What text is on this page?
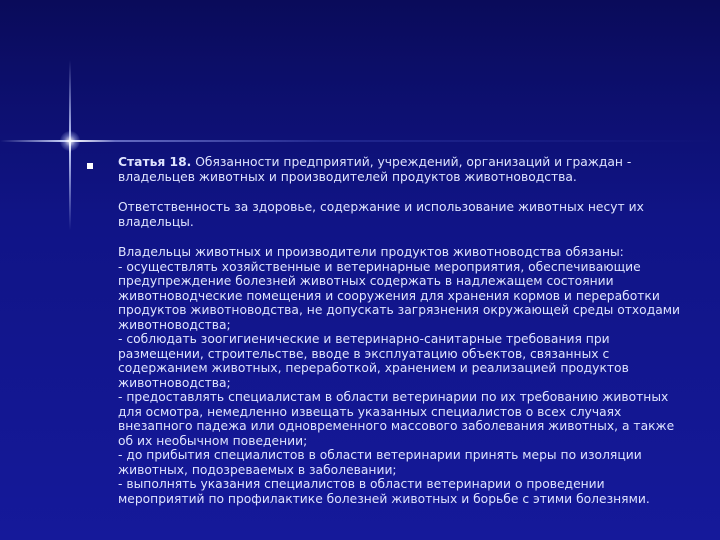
Статья 18. Обязанности предприятий, учреждений, организаций и граждан - владельцев животных и производителей продуктов животноводства.

Ответственность за здоровье, содержание и использование животных несут их владельцы.

Владельцы животных и производители продуктов животноводства обязаны:

- осуществлять хозяйственные и ветеринарные мероприятия, обеспечивающие предупреждение болезней животных содержать в надлежащем состоянии животноводческие помещения и сооружения для хранения кормов и переработки продуктов животноводства, не допускать загрязнения окружающей среды отходами животноводства;

- соблюдать зоогигиенические и ветеринарно-санитарные требования при размещении, строительстве, вводе в эксплуатацию объектов, связанных с содержанием животных, переработкой, хранением и реализацией продуктов животноводства;

- предоставлять специалистам в области ветеринарии по их требованию животных для осмотра, немедленно извещать указанных специалистов о всех случаях внезапного падежа или одновременного массового заболевания животных, а также об их необычном поведении;

- до прибытия специалистов в области ветеринарии принять меры по изоляции животных, подозреваемых в заболевании;

- выполнять указания специалистов в области ветеринарии о проведении мероприятий по профилактике болезней животных и борьбе с этими болезнями.
